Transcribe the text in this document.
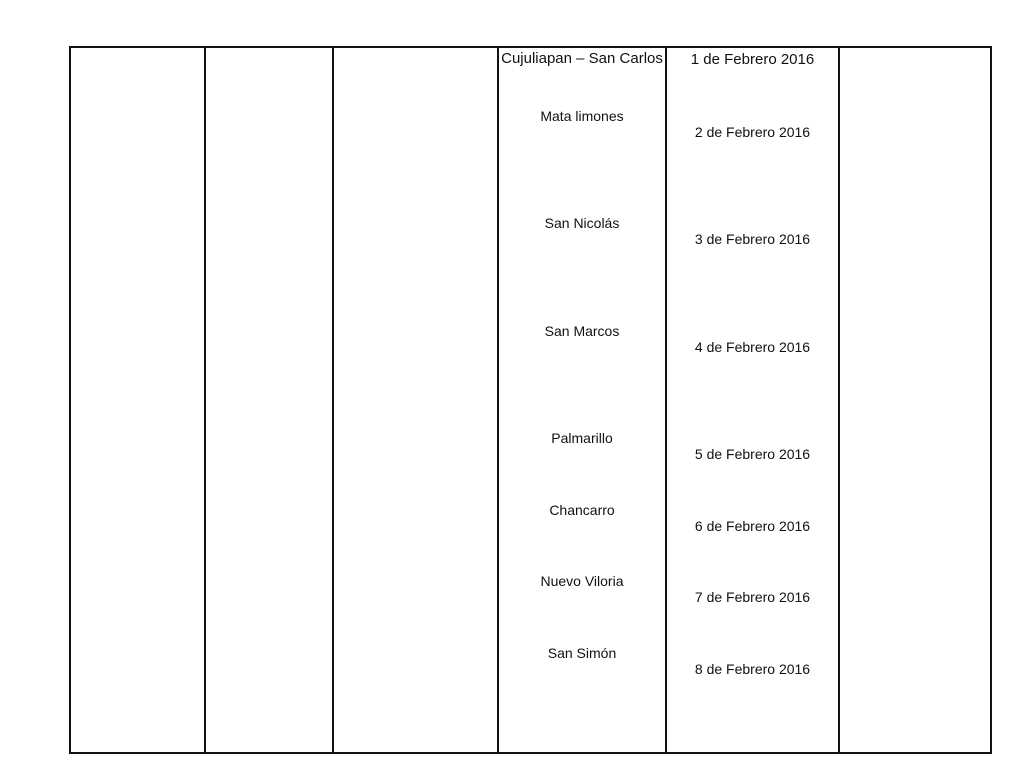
Cujuliapan – San Carlos	1 de Febrero 2016
Mata limones
San Nicolás
San Marcos
Palmarillo
Chancarro
Nuevo Viloria
San Simón
2 de Febrero 2016
3 de Febrero 2016
4 de Febrero 2016
5 de Febrero 2016
6 de Febrero 2016
7 de Febrero 2016
8 de Febrero 2016
